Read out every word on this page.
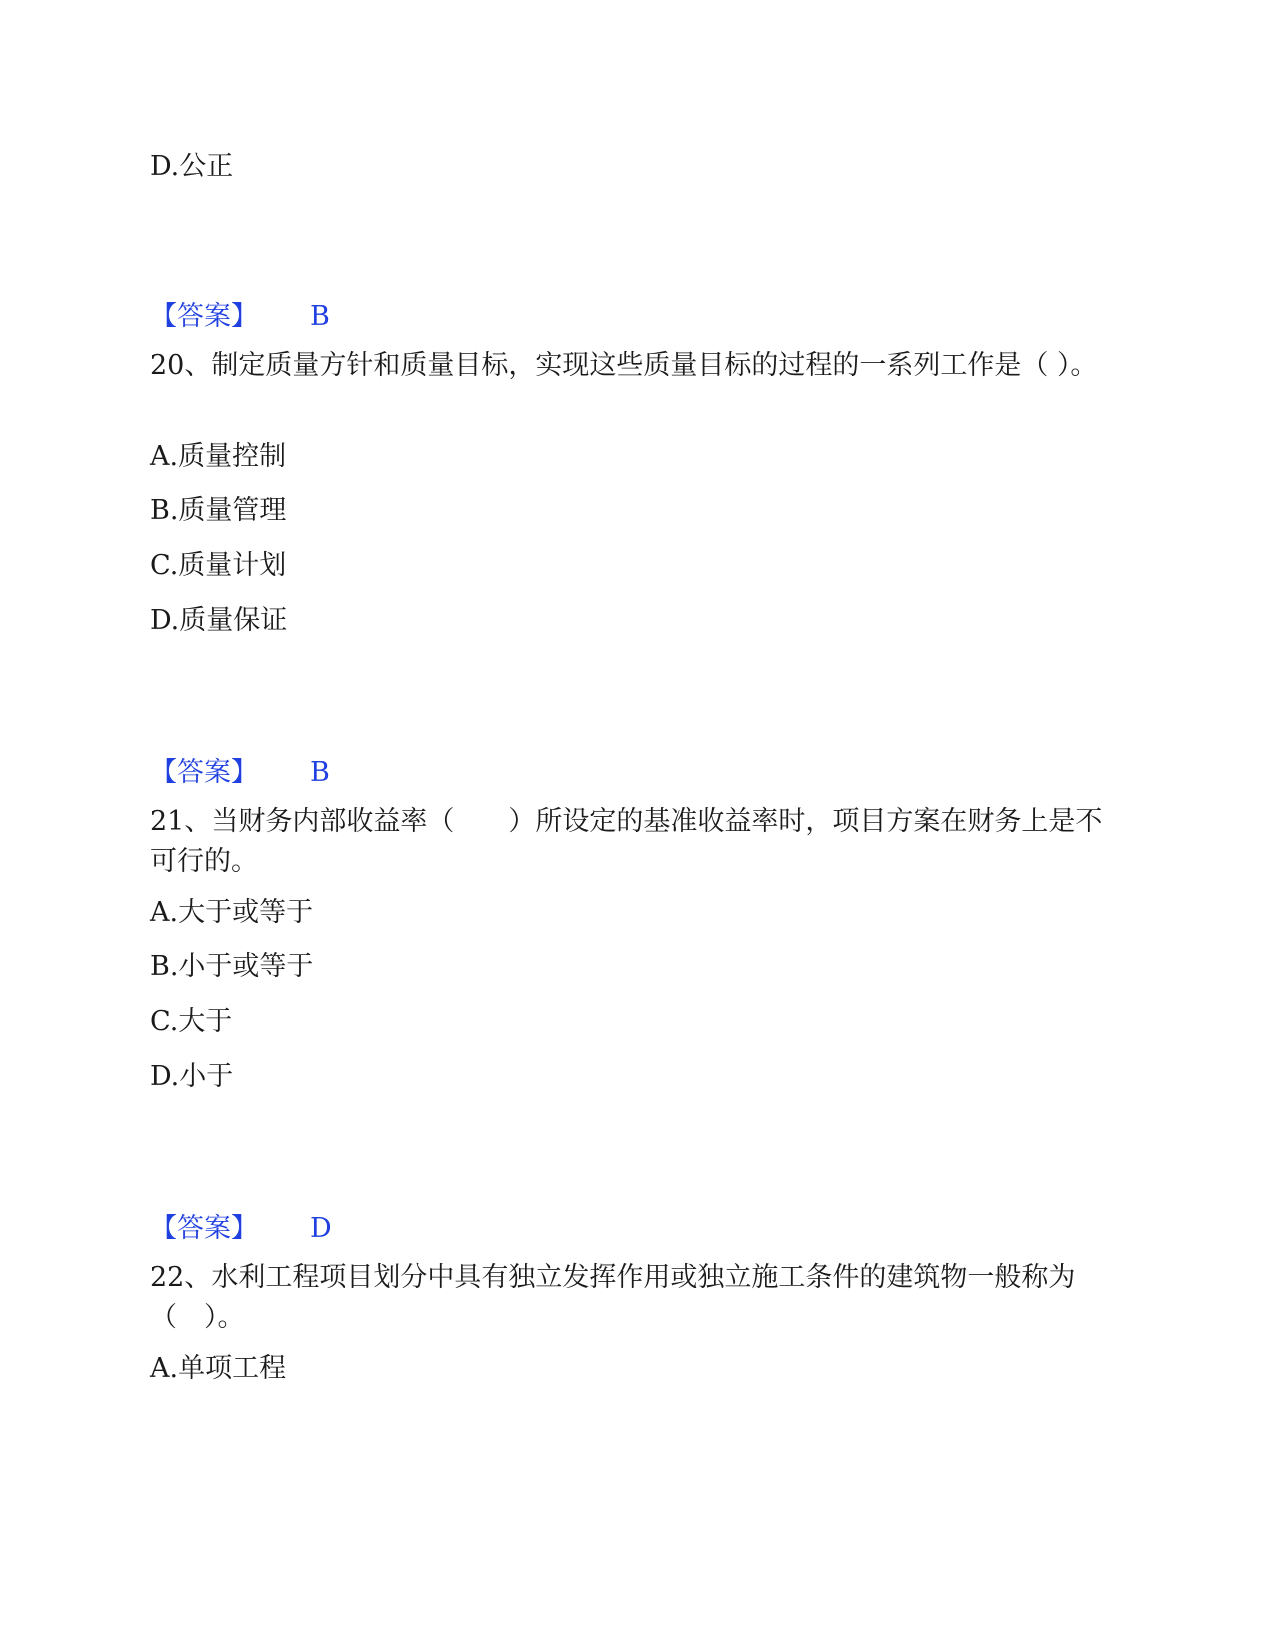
D.公正
【答案】 B
20、制定质量方针和质量目标，实现这些质量目标的过程的一系列工作是（ ）。
A.质量控制
B.质量管理
C.质量计划
D.质量保证
【答案】 B
21、当财务内部收益率（　　）所设定的基准收益率时，项目方案在财务上是不可行的。
A.大于或等于
B.小于或等于
C.大于
D.小于
【答案】 D
22、水利工程项目划分中具有独立发挥作用或独立施工条件的建筑物一般称为（　）。
A.单项工程
